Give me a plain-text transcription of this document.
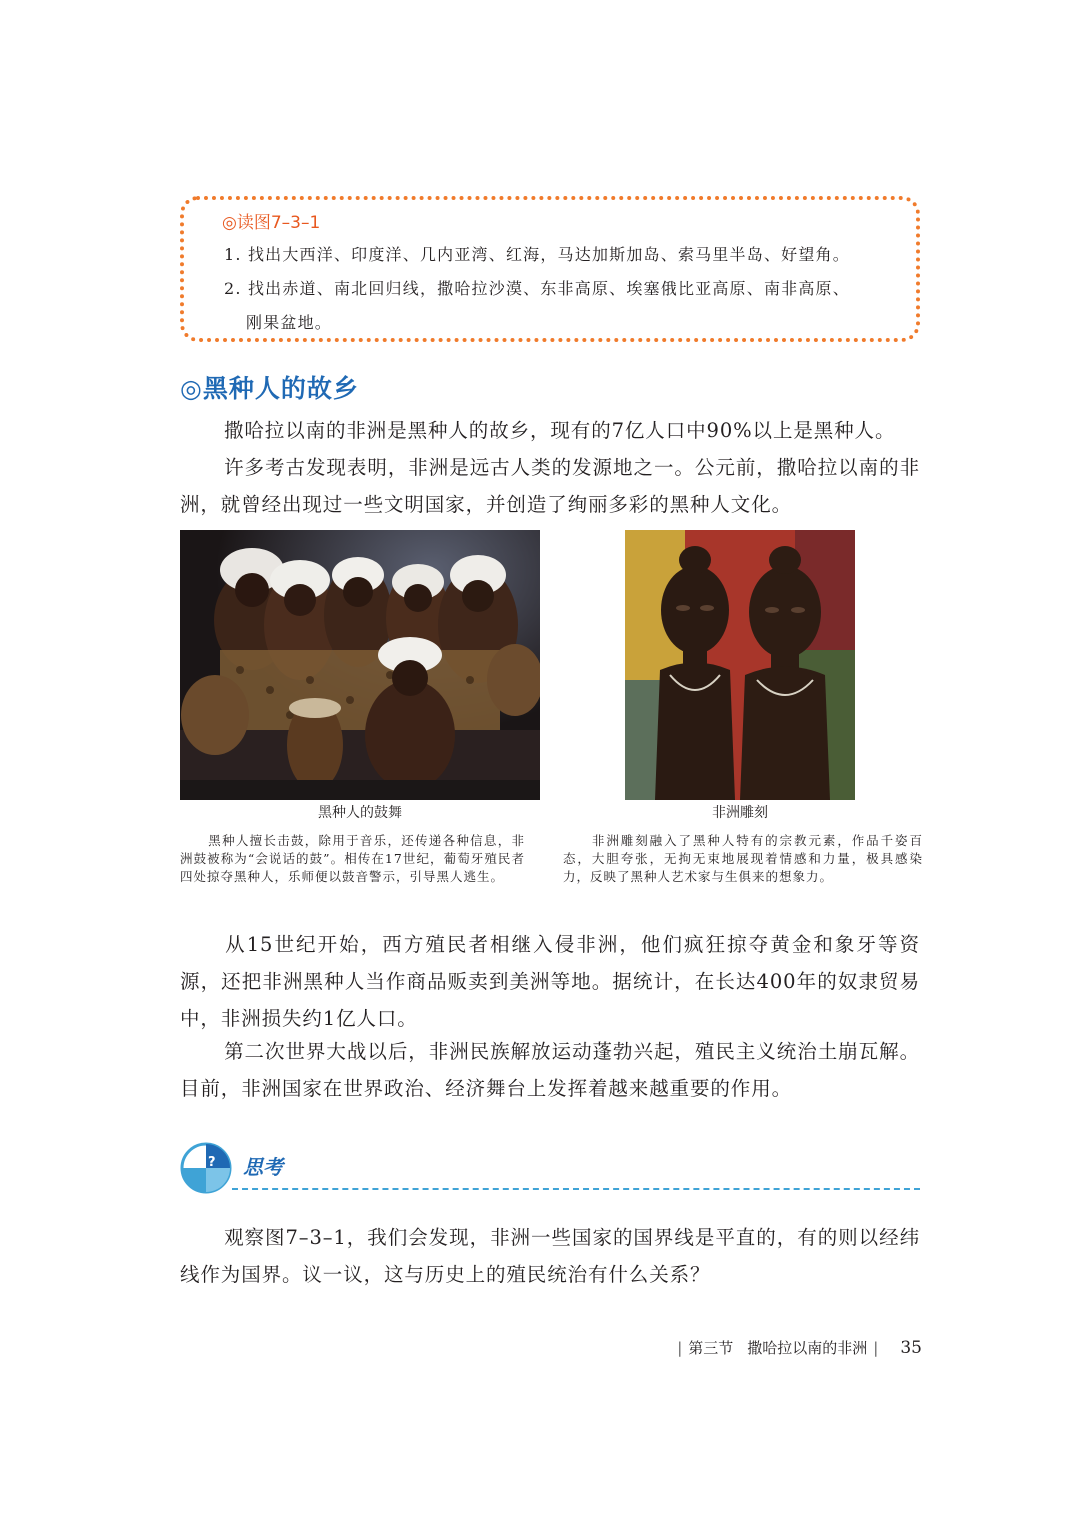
◎读图7–3–1
1. 找出大西洋、印度洋、几内亚湾、红海，马达加斯加岛、索马里半岛、好望角。
2. 找出赤道、南北回归线，撒哈拉沙漠、东非高原、埃塞俄比亚高原、南非高原、
刚果盆地。
◎黑种人的故乡

撒哈拉以南的非洲是黑种人的故乡，现有的7亿人口中90%以上是黑种人。

许多考古发现表明，非洲是远古人类的发源地之一。公元前，撒哈拉以南的非洲，就曾经出现过一些文明国家，并创造了绚丽多彩的黑种人文化。

黑种人的鼓舞

黑种人擅长击鼓，除用于音乐，还传递各种信息，非洲鼓被称为“会说话的鼓”。相传在17世纪，葡萄牙殖民者四处掠夺黑种人，乐师便以鼓音警示，引导黑人逃生。

非洲雕刻

非洲雕刻融入了黑种人特有的宗教元素，作品千姿百态，大胆夸张，无拘无束地展现着情感和力量，极具感染力，反映了黑种人艺术家与生俱来的想象力。

从15世纪开始，西方殖民者相继入侵非洲，他们疯狂掠夺黄金和象牙等资源，还把非洲黑种人当作商品贩卖到美洲等地。据统计，在长达400年的奴隶贸易中，非洲损失约1亿人口。

第二次世界大战以后，非洲民族解放运动蓬勃兴起，殖民主义统治土崩瓦解。目前，非洲国家在世界政治、经济舞台上发挥着越来越重要的作用。

? 思考

观察图7–3–1，我们会发现，非洲一些国家的国界线是平直的，有的则以经纬线作为国界。议一议，这与历史上的殖民统治有什么关系？

| 第三节 撒哈拉以南的非洲 | 35
